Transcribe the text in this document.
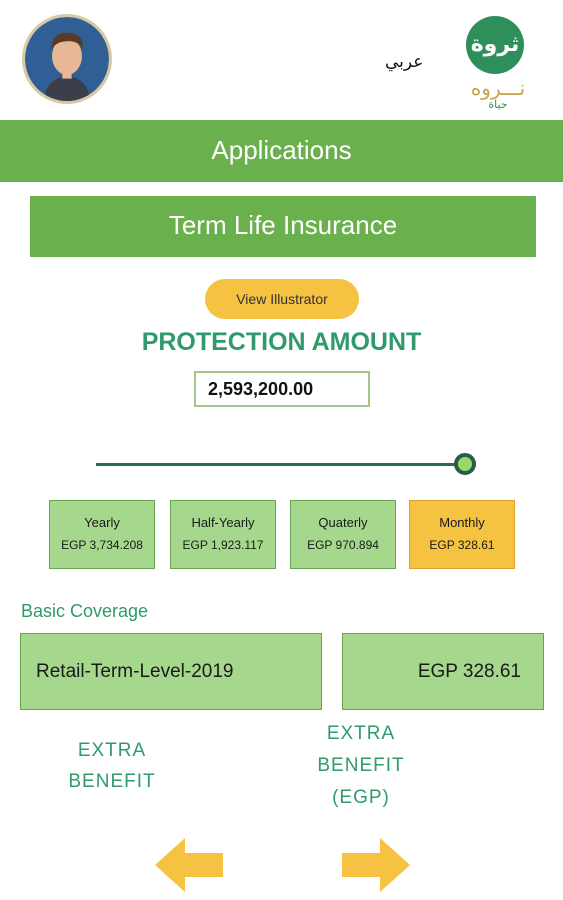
عربي
ثروة
نـــروه
حياة
Applications
Term Life Insurance
View Illustrator
PROTECTION AMOUNT
2,593,200.00
Yearly
EGP 3,734.208
Half-Yearly
EGP 1,923.117
Quaterly
EGP 970.894
Monthly
EGP 328.61
Basic Coverage
Retail-Term-Level-2019	EGP 328.61
EXTRA
BENEFIT
EXTRA
BENEFIT
(EGP)
